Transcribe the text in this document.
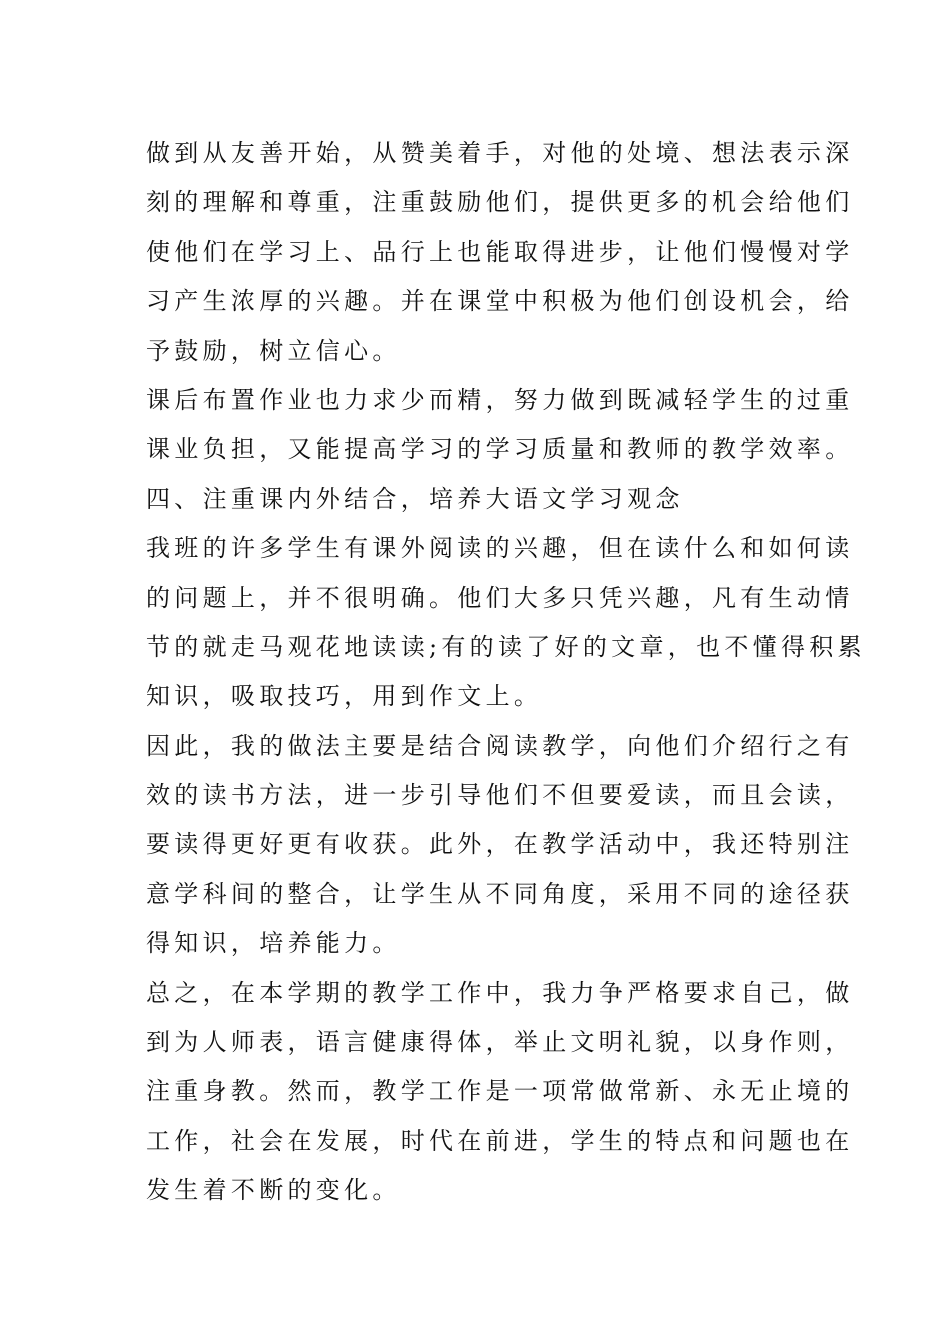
做到从友善开始，从赞美着手，对他的处境、想法表示深
刻的理解和尊重，注重鼓励他们，提供更多的机会给他们
使他们在学习上、品行上也能取得进步，让他们慢慢对学
习产生浓厚的兴趣。并在课堂中积极为他们创设机会，给
予鼓励，树立信心。
课后布置作业也力求少而精，努力做到既减轻学生的过重
课业负担，又能提高学习的学习质量和教师的教学效率。
四、注重课内外结合，培养大语文学习观念
我班的许多学生有课外阅读的兴趣，但在读什么和如何读
的问题上，并不很明确。他们大多只凭兴趣，凡有生动情
节的就走马观花地读读;有的读了好的文章，也不懂得积累
知识，吸取技巧，用到作文上。
因此，我的做法主要是结合阅读教学，向他们介绍行之有
效的读书方法，进一步引导他们不但要爱读，而且会读，
要读得更好更有收获。此外，在教学活动中，我还特别注
意学科间的整合，让学生从不同角度，采用不同的途径获
得知识，培养能力。
总之，在本学期的教学工作中，我力争严格要求自己，做
到为人师表，语言健康得体，举止文明礼貌，以身作则，
注重身教。然而，教学工作是一项常做常新、永无止境的
工作，社会在发展，时代在前进，学生的特点和问题也在
发生着不断的变化。
